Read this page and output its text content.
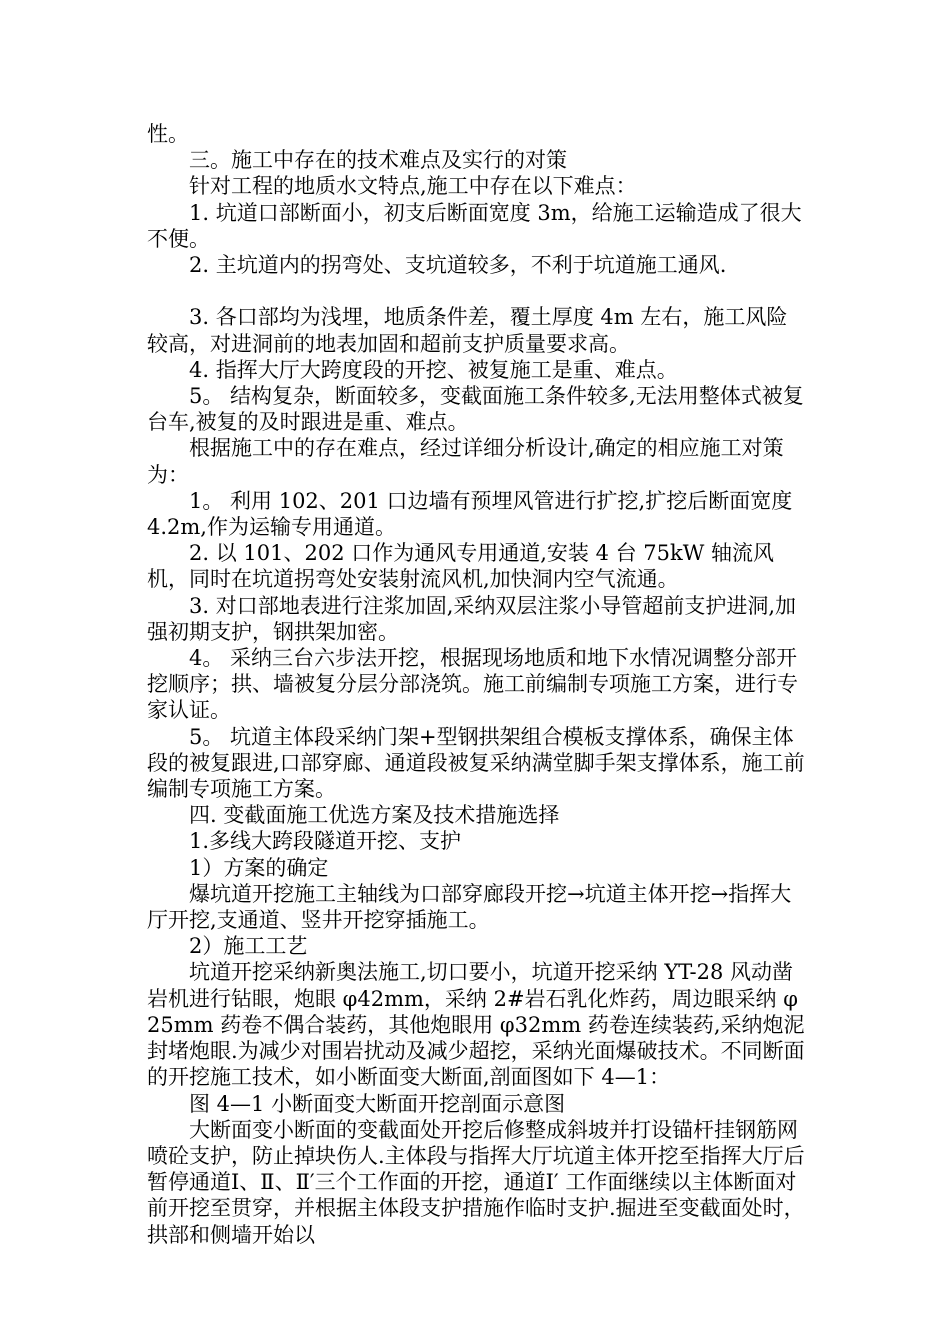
性。

三。施工中存在的技术难点及实行的对策

针对工程的地质水文特点,施工中存在以下难点：

1. 坑道口部断面小，初支后断面宽度 3m，给施工运输造成了很大不便。

2. 主坑道内的拐弯处、支坑道较多，不利于坑道施工通风.

3. 各口部均为浅埋，地质条件差，覆土厚度 4m 左右，施工风险较高，对进洞前的地表加固和超前支护质量要求高。

4. 指挥大厅大跨度段的开挖、被复施工是重、难点。

5。 结构复杂，断面较多，变截面施工条件较多,无法用整体式被复台车,被复的及时跟进是重、难点。

根据施工中的存在难点，经过详细分析设计,确定的相应施工对策为：

1。 利用 102、201 口边墙有预埋风管进行扩挖,扩挖后断面宽度 4.2m,作为运输专用通道。

2. 以 101、202 口作为通风专用通道,安装 4 台 75kW 轴流风机，同时在坑道拐弯处安装射流风机,加快洞内空气流通。

3. 对口部地表进行注浆加固,采纳双层注浆小导管超前支护进洞,加强初期支护，钢拱架加密。

4。 采纳三台六步法开挖，根据现场地质和地下水情况调整分部开挖顺序；拱、墙被复分层分部浇筑。施工前编制专项施工方案，进行专家认证。

5。 坑道主体段采纳门架+型钢拱架组合模板支撑体系，确保主体段的被复跟进,口部穿廊、通道段被复采纳满堂脚手架支撑体系，施工前编制专项施工方案。

四. 变截面施工优选方案及技术措施选择

1.多线大跨段隧道开挖、支护

1）方案的确定

爆坑道开挖施工主轴线为口部穿廊段开挖→坑道主体开挖→指挥大厅开挖,支通道、竖井开挖穿插施工。

2）施工工艺

坑道开挖采纳新奥法施工,切口要小，坑道开挖采纳 YT-28 风动凿岩机进行钻眼，炮眼 φ42mm，采纳 2#岩石乳化炸药，周边眼采纳 φ25mm 药卷不偶合装药，其他炮眼用 φ32mm 药卷连续装药,采纳炮泥封堵炮眼.为减少对围岩扰动及减少超挖，采纳光面爆破技术。不同断面的开挖施工技术，如小断面变大断面,剖面图如下 4—1：

图 4—1 小断面变大断面开挖剖面示意图

大断面变小断面的变截面处开挖后修整成斜坡并打设锚杆挂钢筋网喷砼支护，防止掉块伤人.主体段与指挥大厅坑道主体开挖至指挥大厅后暂停通道Ⅰ、Ⅱ、Ⅱ′三个工作面的开挖，通道Ⅰ′ 工作面继续以主体断面对前开挖至贯穿，并根据主体段支护措施作临时支护.掘进至变截面处时，拱部和侧墙开始以
